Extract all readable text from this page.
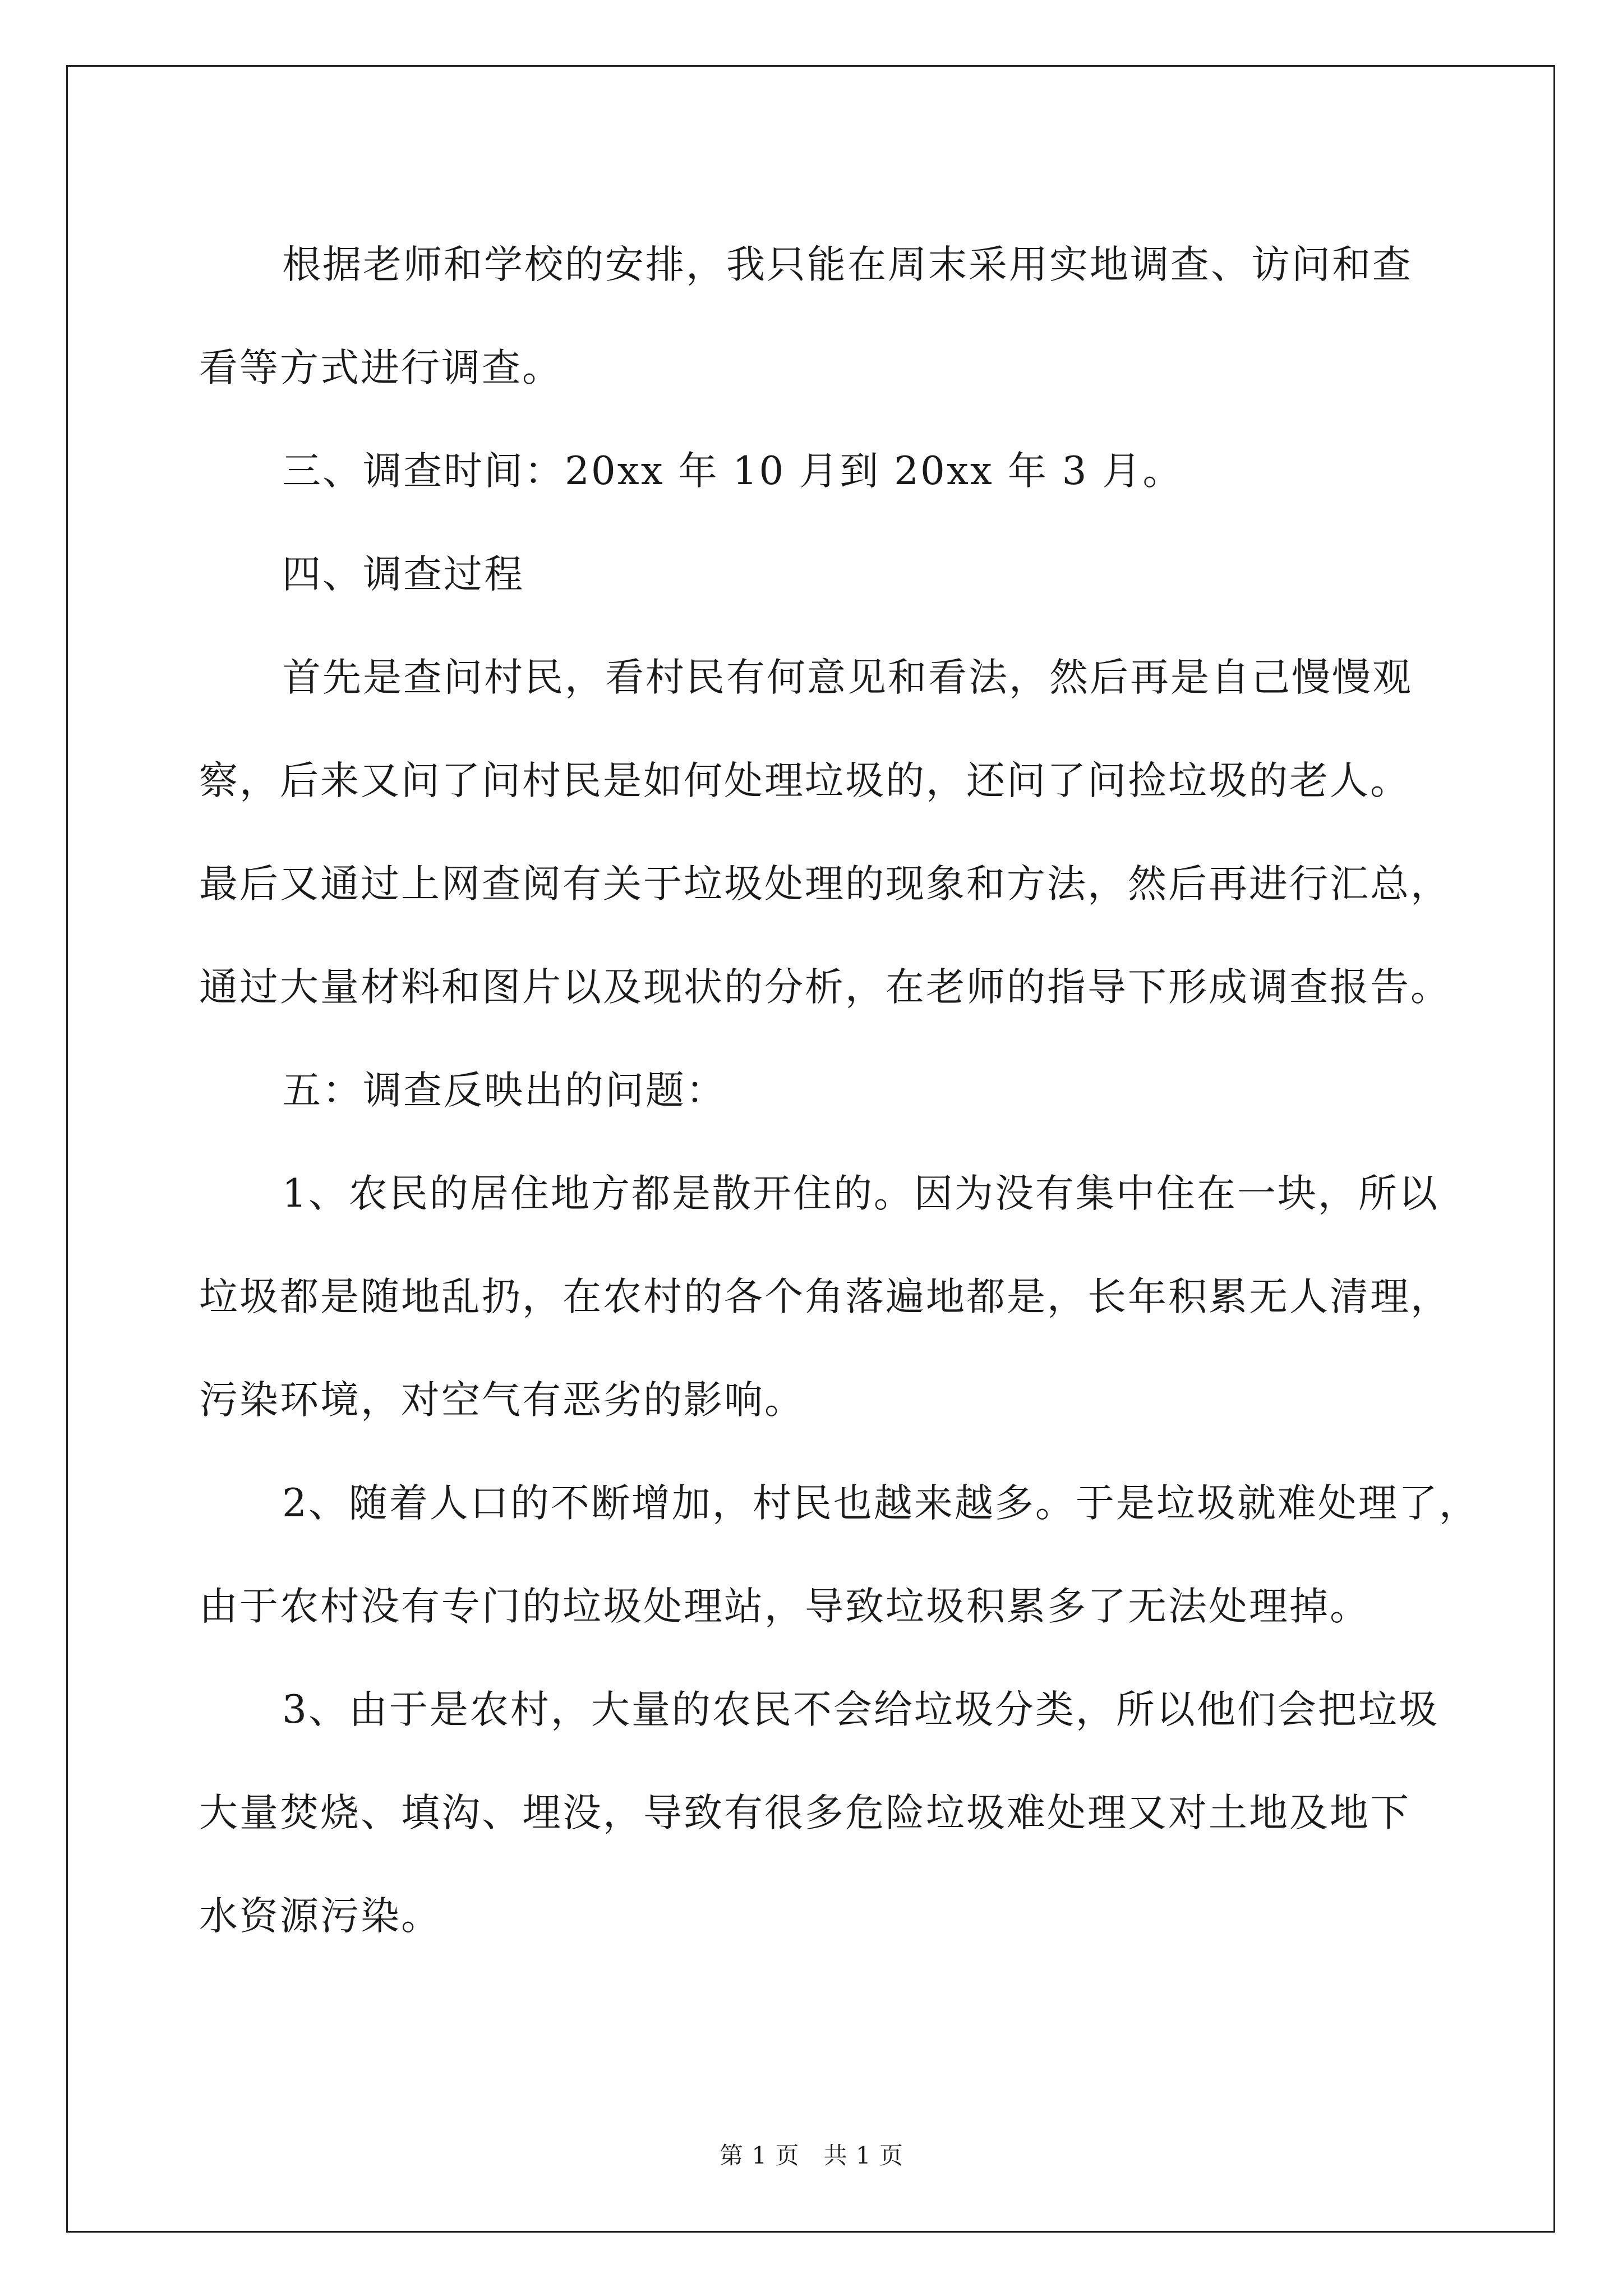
根据老师和学校的安排，我只能在周末采用实地调查、访问和查
看等方式进行调查。
三、调查时间：20xx 年 10 月到 20xx 年 3 月。
四、调查过程
首先是查问村民，看村民有何意见和看法，然后再是自己慢慢观
察，后来又问了问村民是如何处理垃圾的，还问了问捡垃圾的老人。
最后又通过上网查阅有关于垃圾处理的现象和方法，然后再进行汇总，
通过大量材料和图片以及现状的分析，在老师的指导下形成调查报告。
五：调查反映出的问题：
1、农民的居住地方都是散开住的。因为没有集中住在一块，所以
垃圾都是随地乱扔，在农村的各个角落遍地都是，长年积累无人清理，
污染环境，对空气有恶劣的影响。
2、随着人口的不断增加，村民也越来越多。于是垃圾就难处理了，
由于农村没有专门的垃圾处理站，导致垃圾积累多了无法处理掉。
3、由于是农村，大量的农民不会给垃圾分类，所以他们会把垃圾
大量焚烧、填沟、埋没，导致有很多危险垃圾难处理又对土地及地下
水资源污染。
第 1 页 共 1 页
